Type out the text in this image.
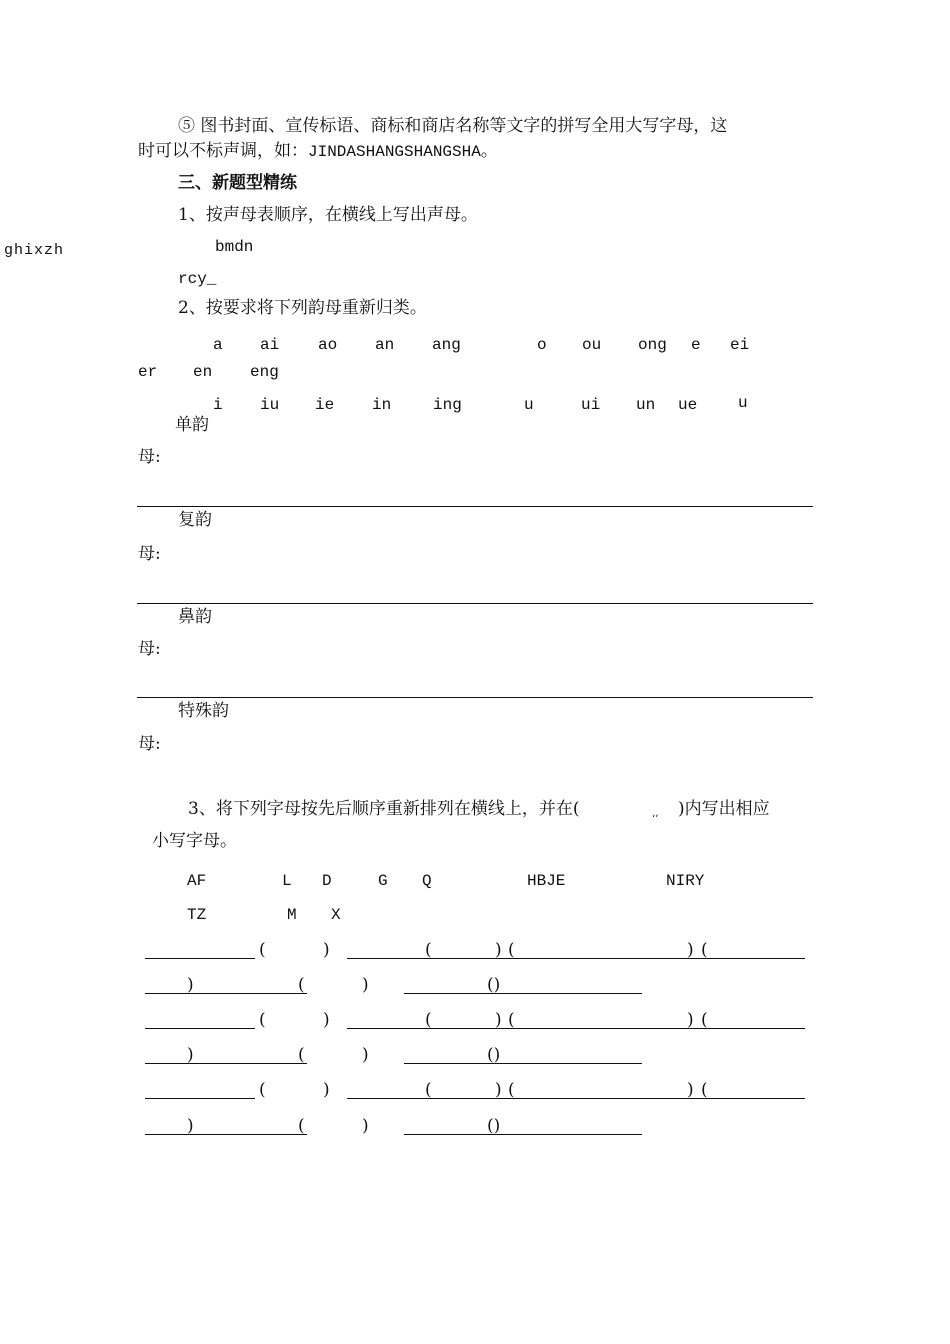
⑤ 图书封面、宣传标语、商标和商店名称等文字的拼写全用大写字母，这
时可以不标声调，如：JINDASHANGSHANGSHA。
三、新题型精练
1、按声母表顺序，在横线上写出声母。
bmdn
ghixzh
rcy_
2、按要求将下列韵母重新归类。
a ai ao an ang	o ou ong e ei
er en eng
i iu ie in	ing	u	ui un ue	u
单韵
母:
复韵
母:
鼻韵
母:
特殊韵
母:
3、将下列字母按先后顺序重新排列在横线上，并在(
‘’
)内写出相应
小写字母。
AF	L D	G Q	HBJE	NIRY
TZ	M X
(	)	(	) (	) (
)	(	)	()
(	)	(	) (	) (
)	(	)	()
(	)	(	) (	) (
)	(	)	()
